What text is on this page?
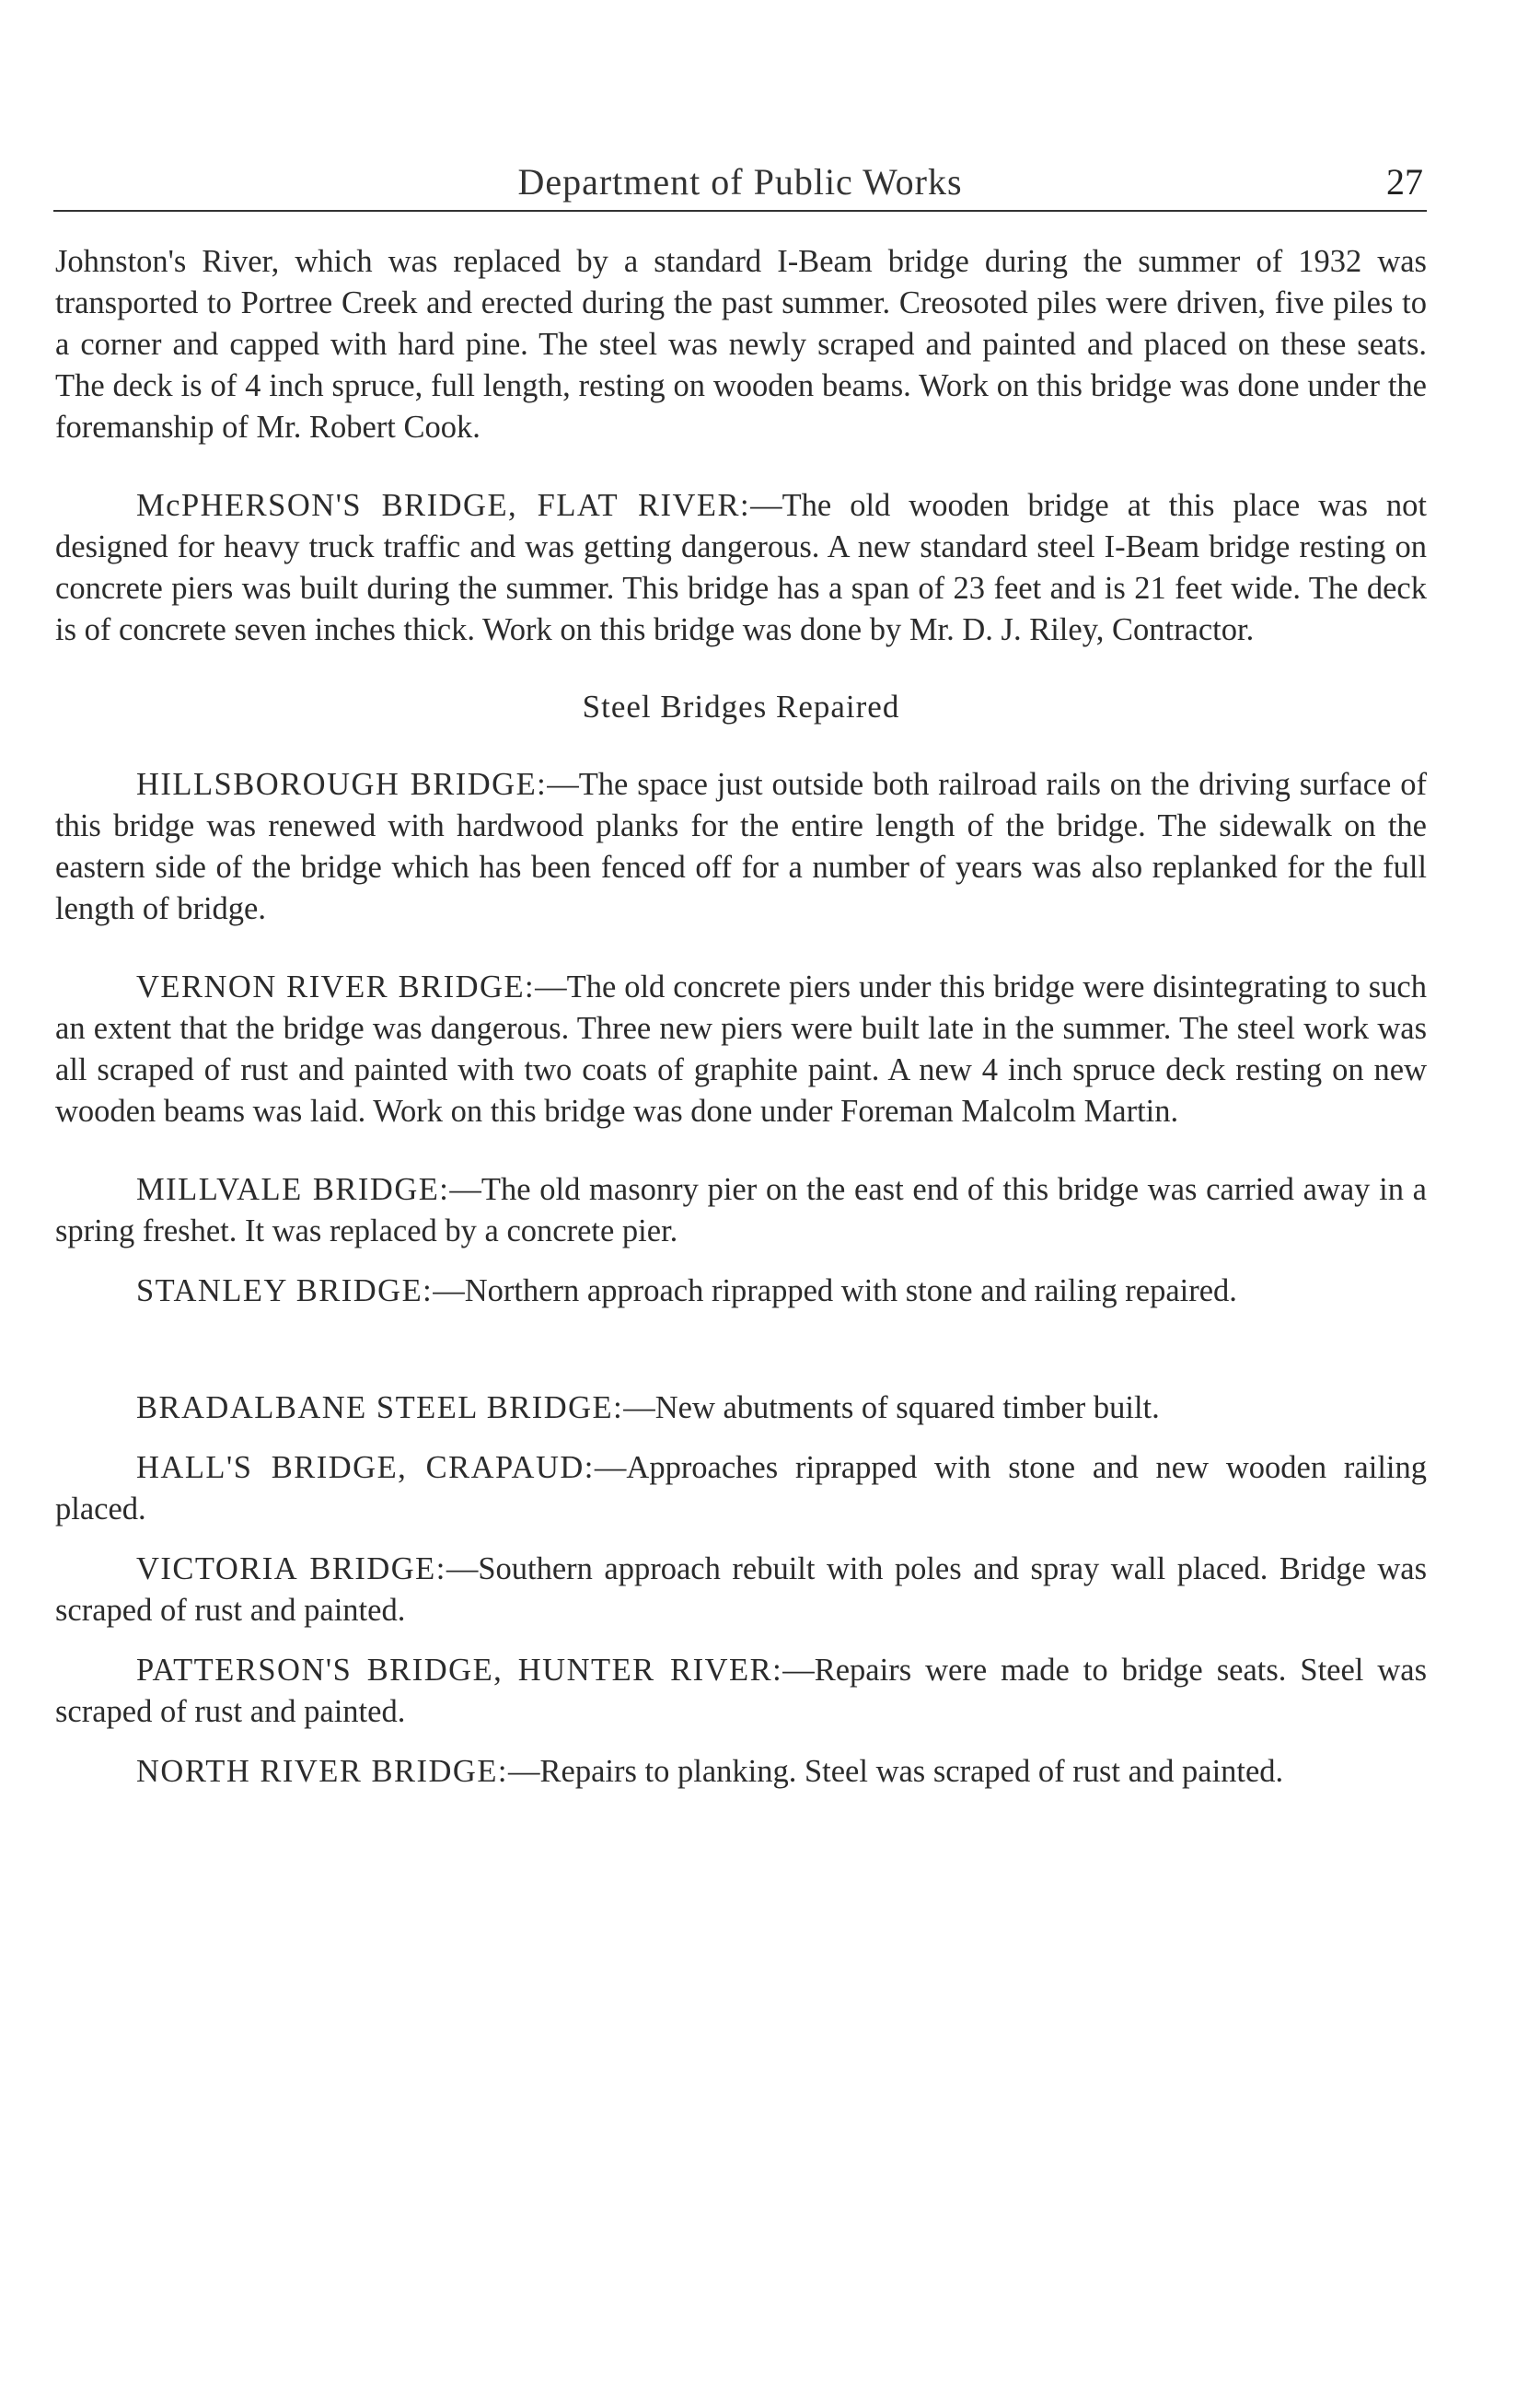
Department of Public Works	27

Johnston's River, which was replaced by a standard I-Beam bridge during the summer of 1932 was transported to Portree Creek and erected during the past summer. Creosoted piles were driven, five piles to a corner and capped with hard pine. The steel was newly scraped and painted and placed on these seats. The deck is of 4 inch spruce, full length, resting on wooden beams. Work on this bridge was done under the foremanship of Mr. Robert Cook.

McPHERSON'S BRIDGE, FLAT RIVER:—The old wooden bridge at this place was not designed for heavy truck traffic and was getting dangerous. A new standard steel I-Beam bridge resting on concrete piers was built during the summer. This bridge has a span of 23 feet and is 21 feet wide. The deck is of concrete seven inches thick. Work on this bridge was done by Mr. D. J. Riley, Contractor.

Steel Bridges Repaired

HILLSBOROUGH BRIDGE:—The space just outside both railroad rails on the driving surface of this bridge was renewed with hardwood planks for the entire length of the bridge. The sidewalk on the eastern side of the bridge which has been fenced off for a number of years was also replanked for the full length of bridge.

VERNON RIVER BRIDGE:—The old concrete piers under this bridge were disintegrating to such an extent that the bridge was dangerous. Three new piers were built late in the summer. The steel work was all scraped of rust and painted with two coats of graphite paint. A new 4 inch spruce deck resting on new wooden beams was laid. Work on this bridge was done under Foreman Malcolm Martin.

MILLVALE BRIDGE:—The old masonry pier on the east end of this bridge was carried away in a spring freshet. It was replaced by a concrete pier.

STANLEY BRIDGE:—Northern approach riprapped with stone and railing repaired.

BRADALBANE STEEL BRIDGE:—New abutments of squared timber built.

HALL'S BRIDGE, CRAPAUD:—Approaches riprapped with stone and new wooden railing placed.

VICTORIA BRIDGE:—Southern approach rebuilt with poles and spray wall placed. Bridge was scraped of rust and painted.

PATTERSON'S BRIDGE, HUNTER RIVER:—Repairs were made to bridge seats. Steel was scraped of rust and painted.

NORTH RIVER BRIDGE:—Repairs to planking. Steel was scraped of rust and painted.
